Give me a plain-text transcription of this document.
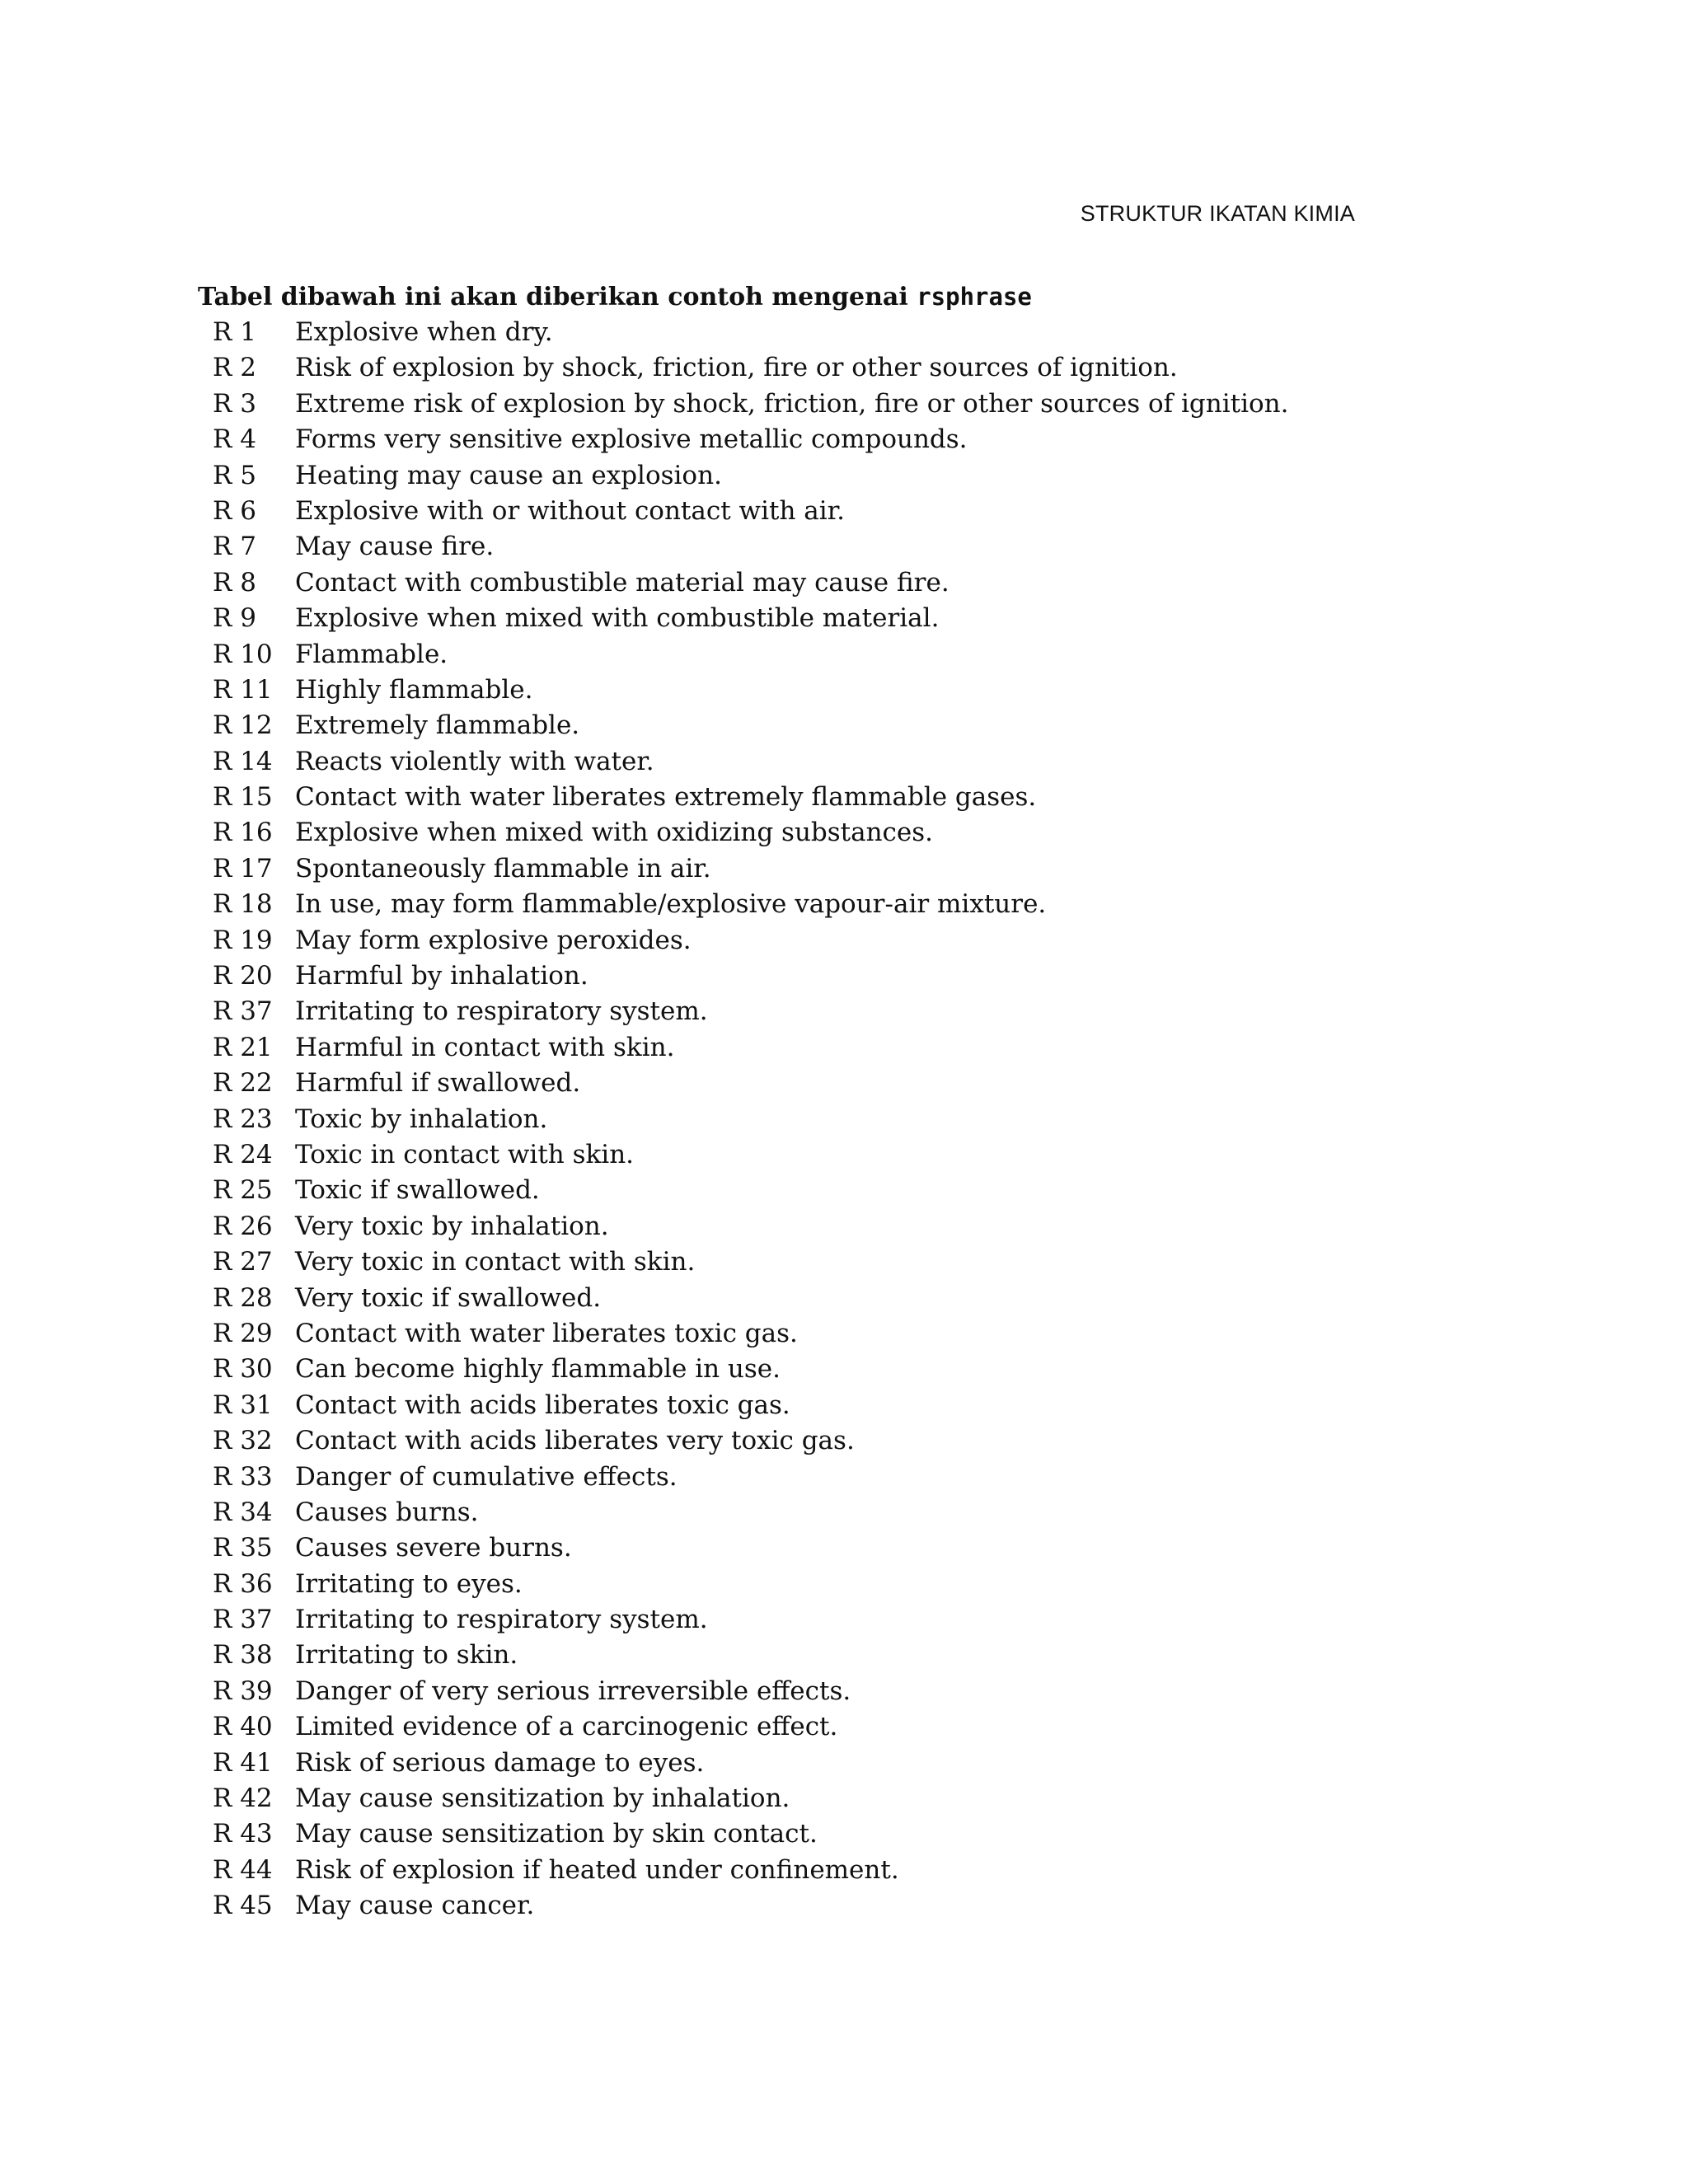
STRUKTUR IKATAN KIMIA
Tabel dibawah ini akan diberikan contoh mengenai rsphrase
R 1	Explosive when dry.
R 2	Risk of explosion by shock, friction, fire or other sources of ignition.
R 3	Extreme risk of explosion by shock, friction, fire or other sources of ignition.
R 4	Forms very sensitive explosive metallic compounds.
R 5	Heating may cause an explosion.
R 6	Explosive with or without contact with air.
R 7	May cause fire.
R 8	Contact with combustible material may cause fire.
R 9	Explosive when mixed with combustible material.
R 10 Flammable.
R 11 Highly flammable.
R 12 Extremely flammable.
R 14 Reacts violently with water.
R 15 Contact with water liberates extremely flammable gases.
R 16 Explosive when mixed with oxidizing substances.
R 17 Spontaneously flammable in air.
R 18 In use, may form flammable/explosive vapour-air mixture.
R 19 May form explosive peroxides.
R 20 Harmful by inhalation.
R 37 Irritating to respiratory system.
R 21 Harmful in contact with skin.
R 22 Harmful if swallowed.
R 23 Toxic by inhalation.
R 24 Toxic in contact with skin.
R 25 Toxic if swallowed.
R 26 Very toxic by inhalation.
R 27 Very toxic in contact with skin.
R 28 Very toxic if swallowed.
R 29 Contact with water liberates toxic gas.
R 30 Can become highly flammable in use.
R 31 Contact with acids liberates toxic gas.
R 32 Contact with acids liberates very toxic gas.
R 33 Danger of cumulative effects.
R 34 Causes burns.
R 35 Causes severe burns.
R 36 Irritating to eyes.
R 37 Irritating to respiratory system.
R 38 Irritating to skin.
R 39 Danger of very serious irreversible effects.
R 40 Limited evidence of a carcinogenic effect.
R 41 Risk of serious damage to eyes.
R 42 May cause sensitization by inhalation.
R 43 May cause sensitization by skin contact.
R 44 Risk of explosion if heated under confinement.
R 45 May cause cancer.
